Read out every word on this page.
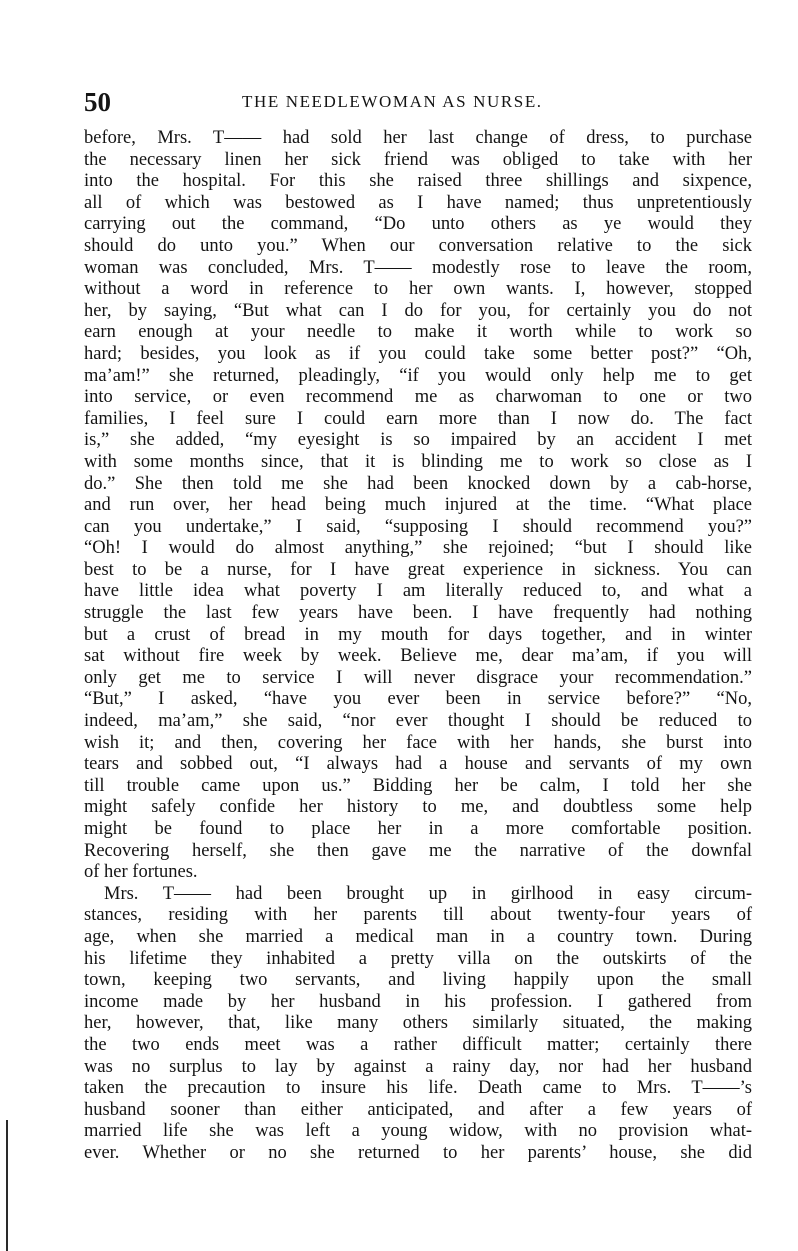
50	THE NEEDLEWOMAN AS NURSE.
before, Mrs. T—— had sold her last change of dress, to purchase
the necessary linen her sick friend was obliged to take with her
into the hospital. For this she raised three shillings and sixpence,
all of which was bestowed as I have named; thus unpretentiously
carrying out the command, “Do unto others as ye would they
should do unto you.” When our conversation relative to the sick
woman was concluded, Mrs. T—— modestly rose to leave the room,
without a word in reference to her own wants. I, however, stopped
her, by saying, “But what can I do for you, for certainly you do not
earn enough at your needle to make it worth while to work so
hard; besides, you look as if you could take some better post?” “Oh,
ma’am!” she returned, pleadingly, “if you would only help me to get
into service, or even recommend me as charwoman to one or two
families, I feel sure I could earn more than I now do. The fact
is,” she added, “my eyesight is so impaired by an accident I met
with some months since, that it is blinding me to work so close as I
do.” She then told me she had been knocked down by a cab-horse,
and run over, her head being much injured at the time. “What place
can you undertake,” I said, “supposing I should recommend you?”
“Oh! I would do almost anything,” she rejoined; “but I should like
best to be a nurse, for I have great experience in sickness. You can
have little idea what poverty I am literally reduced to, and what a
struggle the last few years have been. I have frequently had nothing
but a crust of bread in my mouth for days together, and in winter
sat without fire week by week. Believe me, dear ma’am, if you will
only get me to service I will never disgrace your recommendation.”
“But,” I asked, “have you ever been in service before?” “No,
indeed, ma’am,” she said, “nor ever thought I should be reduced to
wish it; and then, covering her face with her hands, she burst into
tears and sobbed out, “I always had a house and servants of my own
till trouble came upon us.” Bidding her be calm, I told her she
might safely confide her history to me, and doubtless some help
might be found to place her in a more comfortable position.
Recovering herself, she then gave me the narrative of the downfal
of her fortunes.
Mrs. T—— had been brought up in girlhood in easy circum-
stances, residing with her parents till about twenty-four years of
age, when she married a medical man in a country town. During
his lifetime they inhabited a pretty villa on the outskirts of the
town, keeping two servants, and living happily upon the small
income made by her husband in his profession. I gathered from
her, however, that, like many others similarly situated, the making
the two ends meet was a rather difficult matter; certainly there
was no surplus to lay by against a rainy day, nor had her husband
taken the precaution to insure his life. Death came to Mrs. T——’s
husband sooner than either anticipated, and after a few years of
married life she was left a young widow, with no provision what-
ever. Whether or no she returned to her parents’ house, she did
